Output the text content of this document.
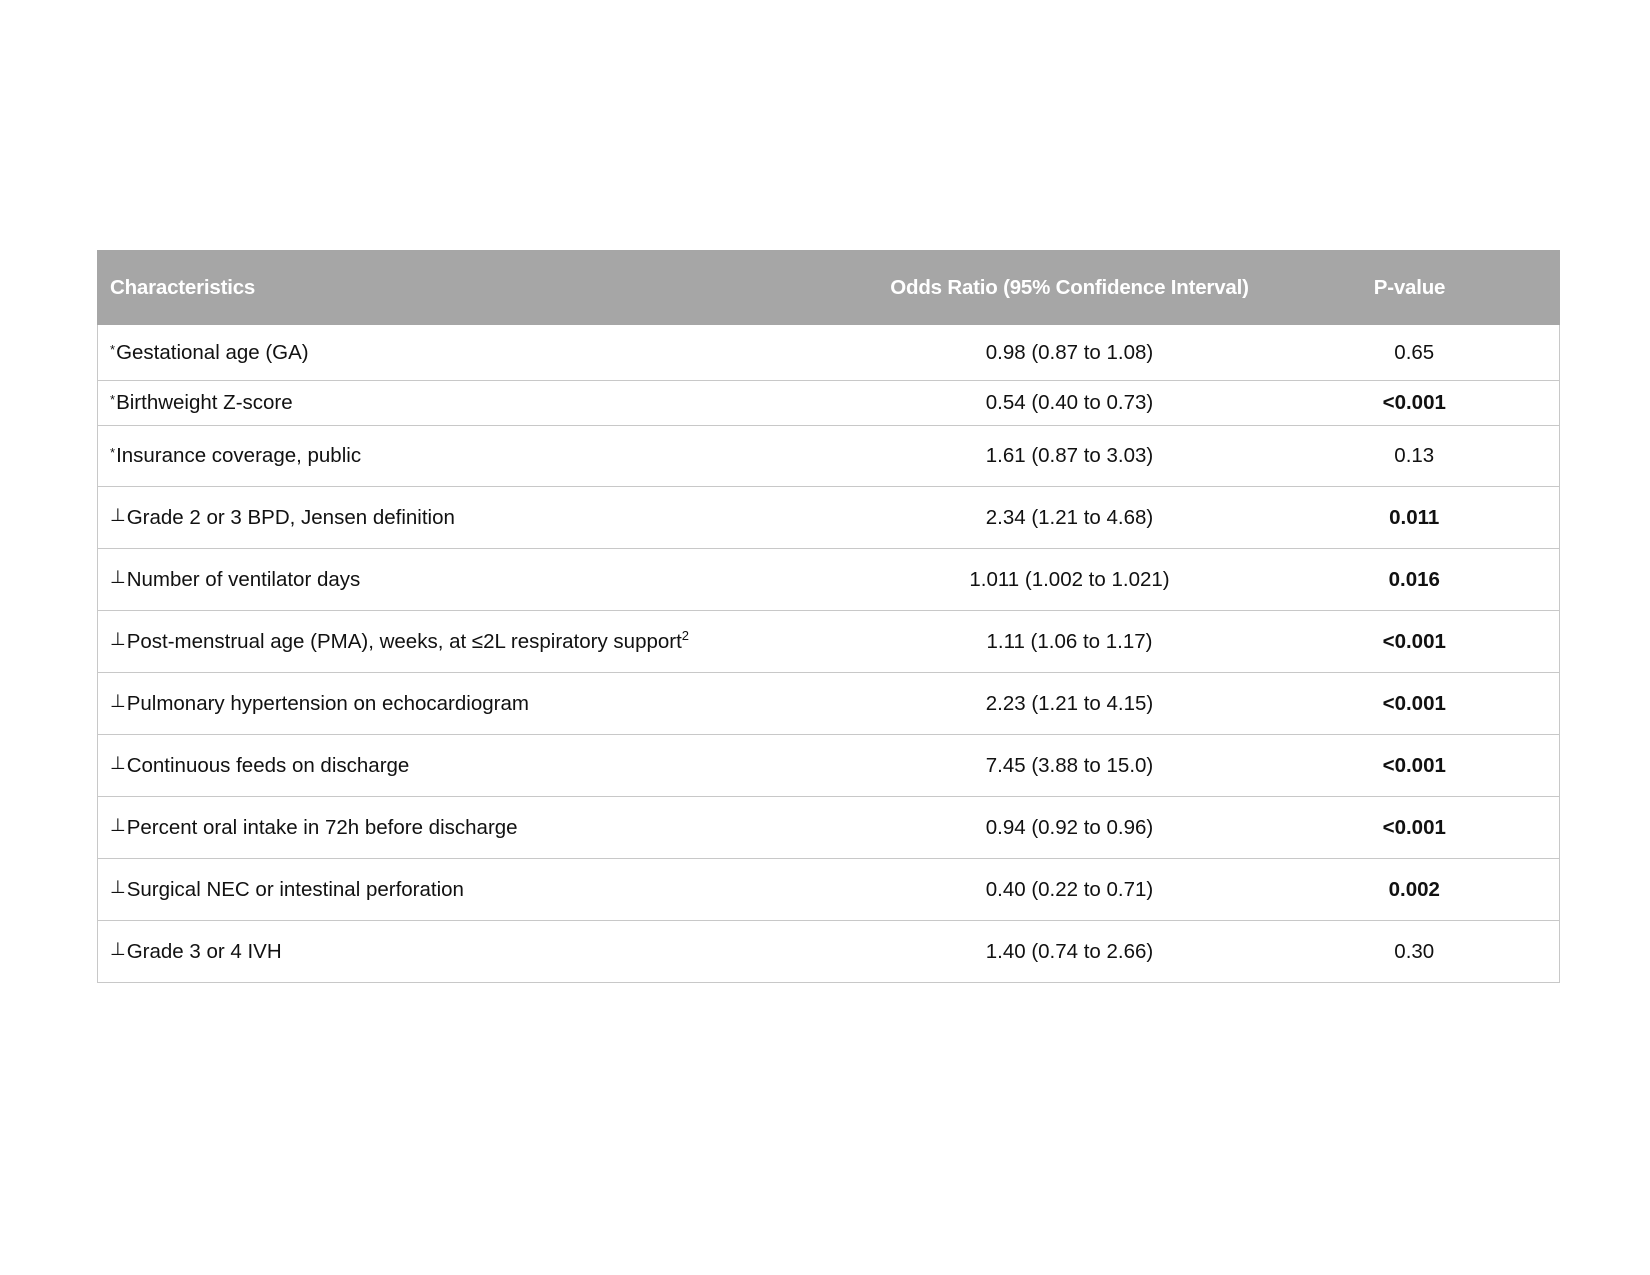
Characteristics	Odds Ratio (95% Confidence Interval)	P-value
*Gestational age (GA)	0.98 (0.87 to 1.08)	0.65
*Birthweight Z-score	0.54 (0.40 to 0.73)	<0.001
*Insurance coverage, public	1.61 (0.87 to 3.03)	0.13
⊥Grade 2 or 3 BPD, Jensen definition	2.34 (1.21 to 4.68)	0.011
⊥Number of ventilator days	1.011 (1.002 to 1.021)	0.016
⊥Post-menstrual age (PMA), weeks, at ≤2L respiratory support$^2$	1.11 (1.06 to 1.17)	<0.001
⊥Pulmonary hypertension on echocardiogram	2.23 (1.21 to 4.15)	<0.001
⊥Continuous feeds on discharge	7.45 (3.88 to 15.0)	<0.001
⊥Percent oral intake in 72h before discharge	0.94 (0.92 to 0.96)	<0.001
⊥Surgical NEC or intestinal perforation	0.40 (0.22 to 0.71)	0.002
⊥Grade 3 or 4 IVH	1.40 (0.74 to 2.66)	0.30
